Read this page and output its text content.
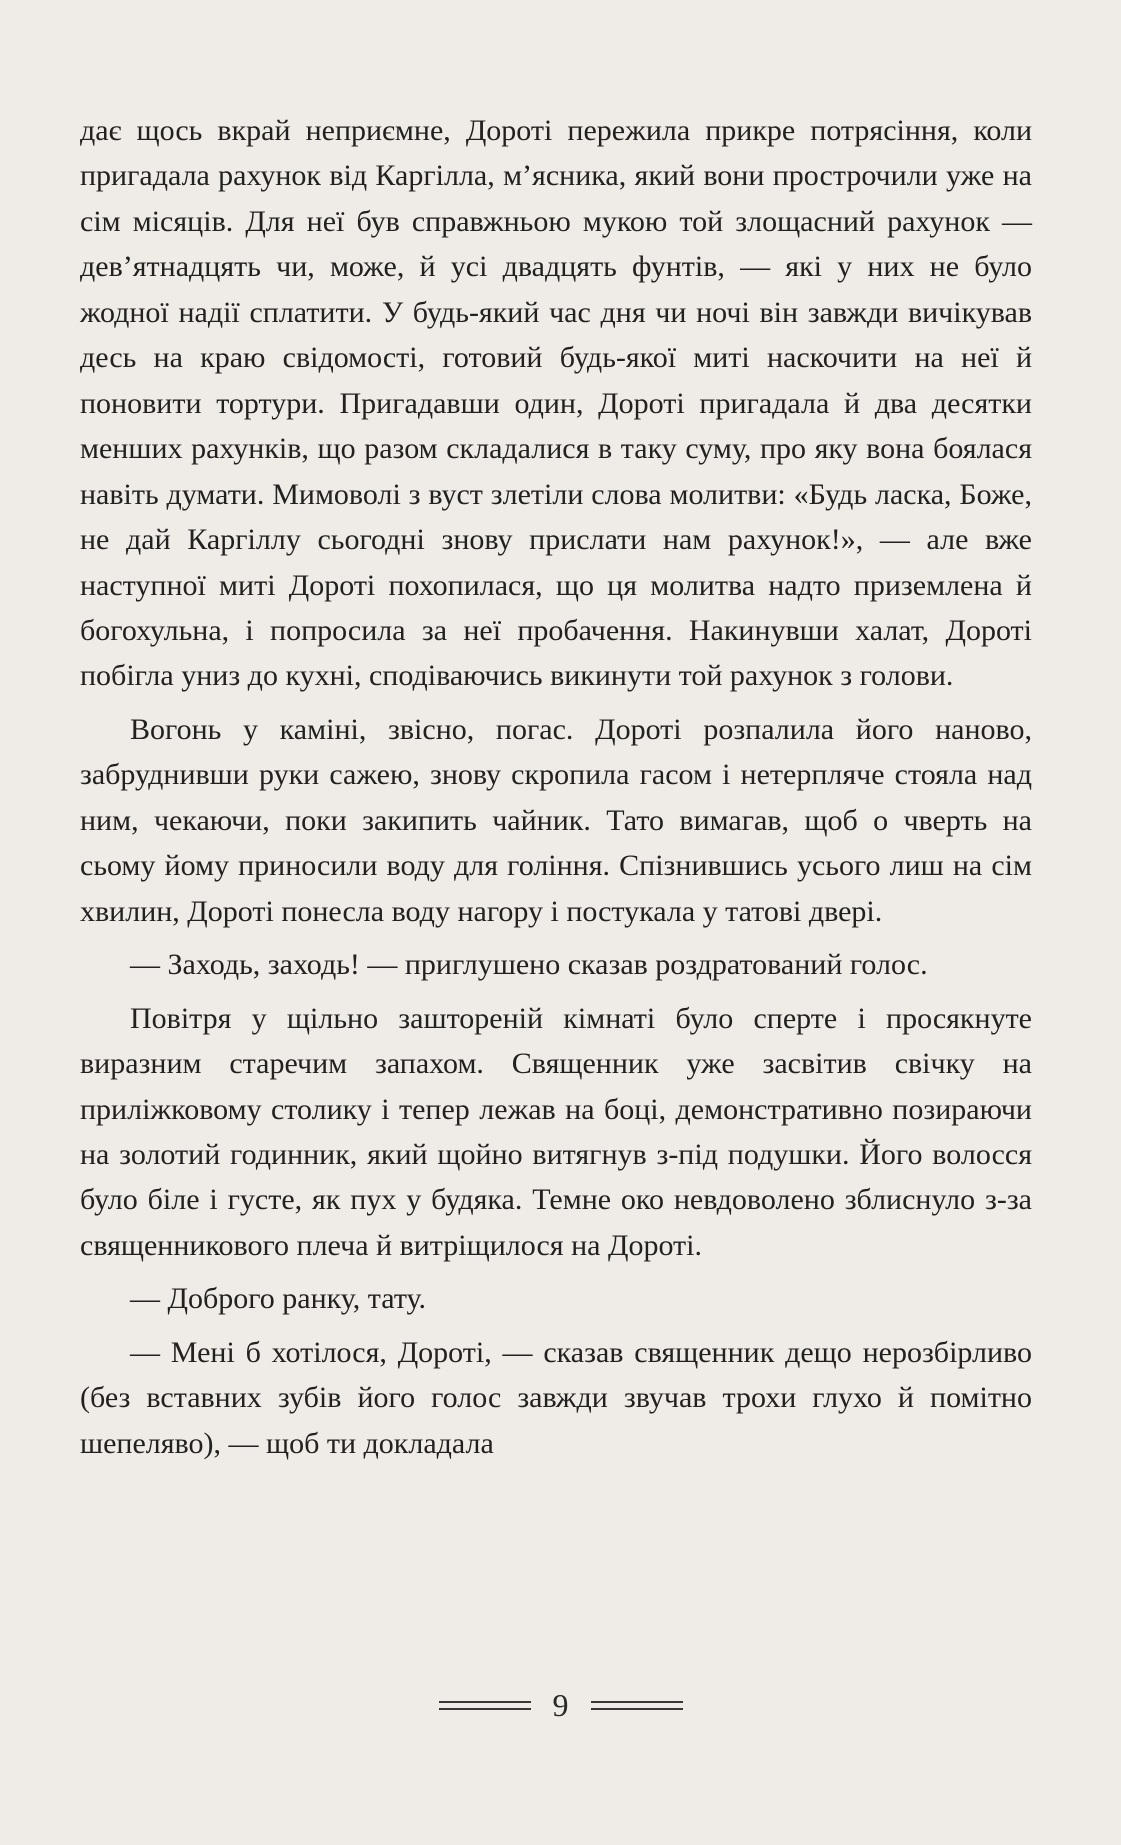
дає щось вкрай неприємне, Дороті пережила прикре потрясіння, коли пригадала рахунок від Каргілла, м’ясника, який вони прострочили уже на сім місяців. Для неї був справжньою мукою той злощасний рахунок — дев’ятнадцять чи, може, й усі двадцять фунтів, — які у них не було жодної надії сплатити. У будь-який час дня чи ночі він завжди вичікував десь на краю свідомості, готовий будь-якої миті наскочити на неї й поновити тортури. Пригадавши один, Дороті пригадала й два десятки менших рахунків, що разом складалися в таку суму, про яку вона боялася навіть думати. Мимоволі з вуст злетіли слова молитви: «Будь ласка, Боже, не дай Каргіллу сьогодні знову прислати нам рахунок!», — але вже наступної миті Дороті похопилася, що ця молитва надто приземлена й богохульна, і попросила за неї пробачення. Накинувши халат, Дороті побігла униз до кухні, сподіваючись викинути той рахунок з голови.

Вогонь у каміні, звісно, погас. Дороті розпалила його наново, забруднивши руки сажею, знову скропила гасом і нетерпляче стояла над ним, чекаючи, поки закипить чайник. Тато вимагав, щоб о чверть на сьому йому приносили воду для гоління. Спізнившись усього лиш на сім хвилин, Дороті понесла воду нагору і постукала у татові двері.

— Заходь, заходь! — приглушено сказав роздратований голос.

Повітря у щільно зашторенiй кімнаті було сперте і просякнуте виразним старечим запахом. Священник уже засвітив свічку на приліжковому столику і тепер лежав на боці, демонстративно позираючи на золотий годинник, який щойно витягнув з-під подушки. Його волосся було біле і густе, як пух у будяка. Темне око невдоволено зблиснуло з-за священникового плеча й витріщилося на Дороті.

— Доброго ранку, тату.

— Мені б хотілося, Дороті, — сказав священник дещо нерозбірливо (без вставних зубів його голос завжди звучав трохи глухо й помітно шепеляво), — щоб ти докладала

9
